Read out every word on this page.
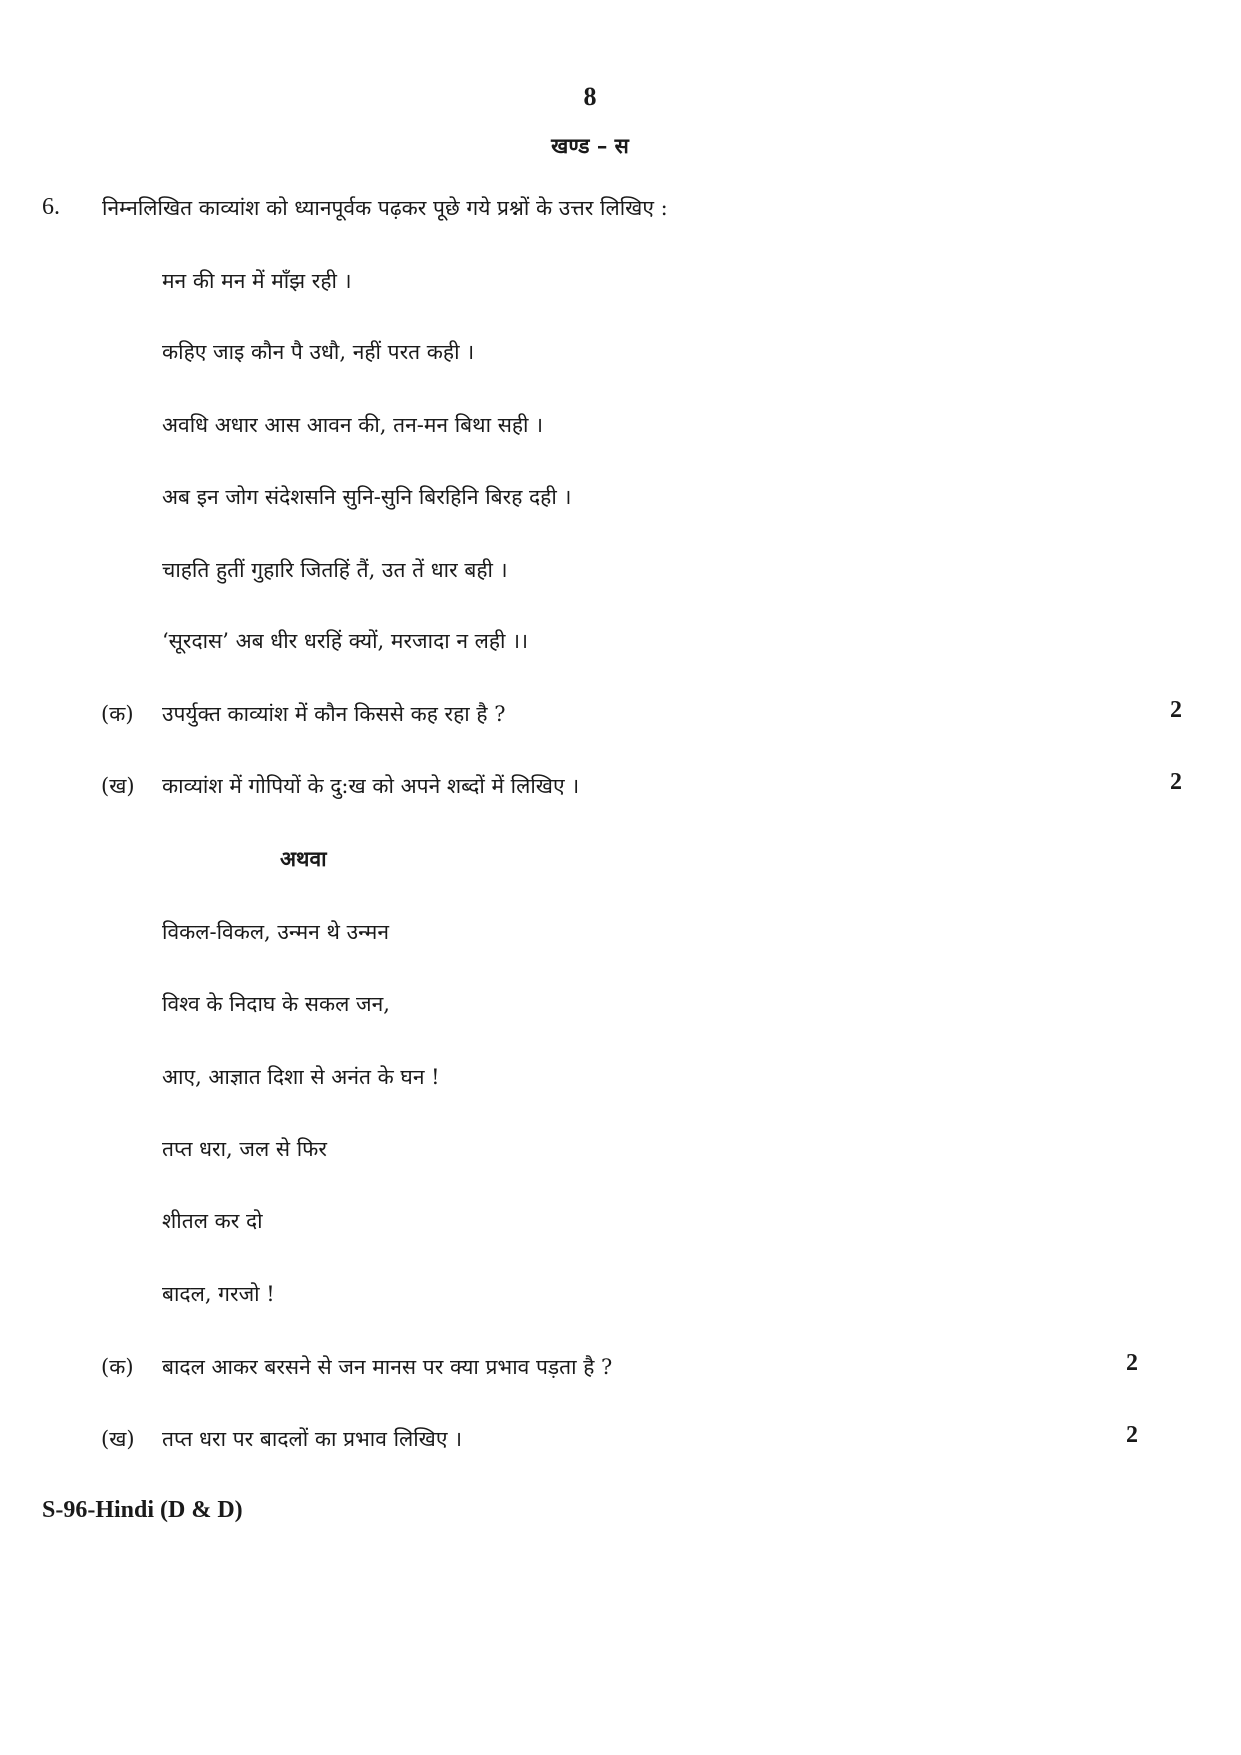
8
खण्ड – स
6. निम्नलिखित काव्यांश को ध्यानपूर्वक पढ़कर पूछे गये प्रश्नों के उत्तर लिखिए :
मन की मन में माँझ रही ।
कहिए जाइ कौन पै उधौ, नहीं परत कही ।
अवधि अधार आस आवन की, तन-मन बिथा सही ।
अब इन जोग संदेशसनि सुनि-सुनि बिरहिनि बिरह दही ।
चाहति हुतीं गुहारि जितहिं तैं, उत तें धार बही ।
‘सूरदास’ अब धीर धरहिं क्यों, मरजादा न लही ।।
(क) उपर्युक्त काव्यांश में कौन किससे कह रहा है ?	2
(ख) काव्यांश में गोपियों के दु:ख को अपने शब्दों में लिखिए ।	2
अथवा
विकल-विकल, उन्मन थे उन्मन
विश्व के निदाघ के सकल जन,
आए, आज्ञात दिशा से अनंत के घन !
तप्त धरा, जल से फिर
शीतल कर दो
बादल, गरजो !
(क) बादल आकर बरसने से जन मानस पर क्या प्रभाव पड़ता है ?	2
(ख) तप्त धरा पर बादलों का प्रभाव लिखिए ।	2
S-96-Hindi (D & D)
